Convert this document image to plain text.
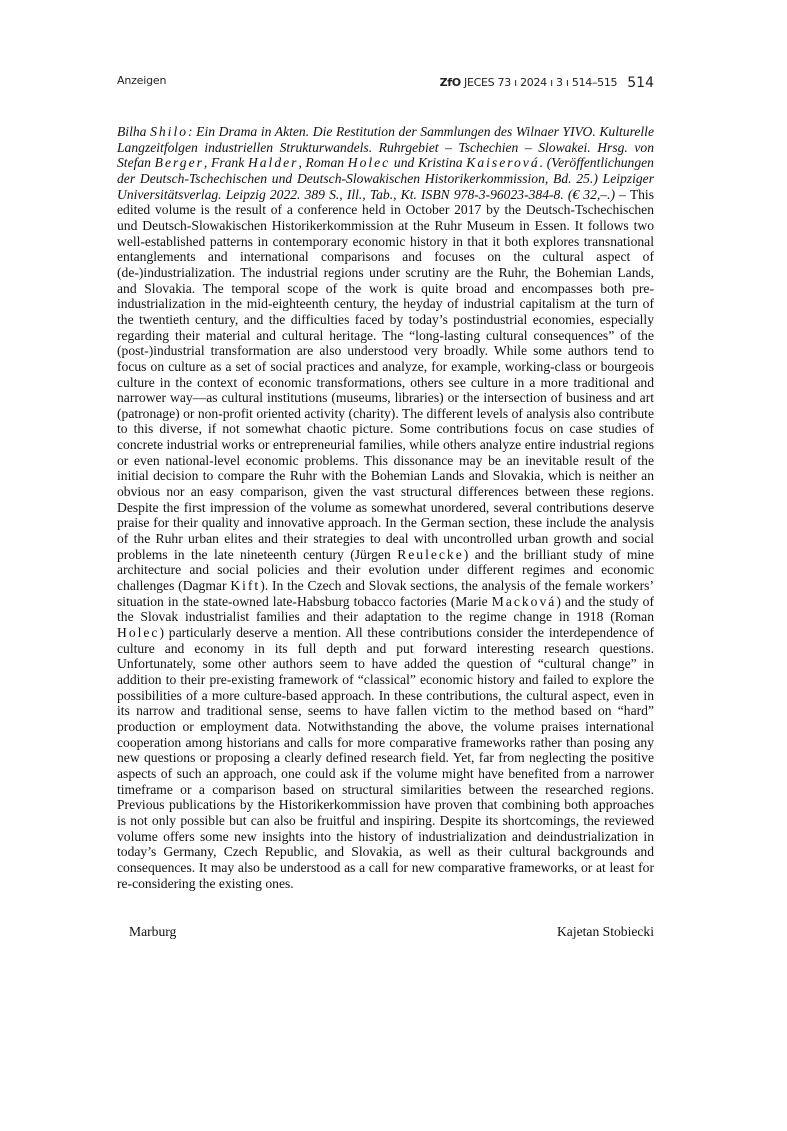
Anzeigen	ZfO JECES 73 ı 2024 ı 3 ı 514–515 514

Bilha Shilo: Ein Drama in Akten. Die Restitution der Sammlungen des Wilnaer YIVO. Kulturelle Langzeitfolgen industriellen Strukturwandels. Ruhrgebiet – Tschechien – Slowakei. Hrsg. von Stefan Berger, Frank Halder, Roman Holec und Kristina Kaiserová. (Veröffentlichungen der Deutsch-Tschechischen und Deutsch-Slowakischen Historikerkommission, Bd. 25.) Leipziger Universitätsverlag. Leipzig 2022. 389 S., Ill., Tab., Kt. ISBN 978-3-96023-384-8. (€ 32,–.) – This edited volume is the result of a conference held in October 2017 by the Deutsch-Tschechischen und Deutsch-Slowakischen Historikerkommission at the Ruhr Museum in Essen. It follows two well-established patterns in contemporary economic history in that it both explores transnational entanglements and international comparisons and focuses on the cultural aspect of (de-)industrialization. The industrial regions under scrutiny are the Ruhr, the Bohemian Lands, and Slovakia. The temporal scope of the work is quite broad and encompasses both pre-industrialization in the mid-eighteenth century, the heyday of industrial capitalism at the turn of the twentieth century, and the difficulties faced by today’s postindustrial economies, especially regarding their material and cultural heritage. The “long-lasting cultural consequences” of the (post-)industrial transformation are also understood very broadly. While some authors tend to focus on culture as a set of social practices and analyze, for example, working-class or bourgeois culture in the context of economic transformations, others see culture in a more traditional and narrower way—as cultural institutions (museums, libraries) or the intersection of business and art (patronage) or non-profit oriented activity (charity). The different levels of analysis also contribute to this diverse, if not somewhat chaotic picture. Some contributions focus on case studies of concrete industrial works or entrepreneurial families, while others analyze entire industrial regions or even national-level economic problems. This dissonance may be an inevitable result of the initial decision to compare the Ruhr with the Bohemian Lands and Slovakia, which is neither an obvious nor an easy comparison, given the vast structural differences between these regions. Despite the first impression of the volume as somewhat unordered, several contributions deserve praise for their quality and innovative approach. In the German section, these include the analysis of the Ruhr urban elites and their strategies to deal with uncontrolled urban growth and social problems in the late nineteenth century (Jürgen Reulecke) and the brilliant study of mine architecture and social policies and their evolution under different regimes and economic challenges (Dagmar Kift). In the Czech and Slovak sections, the analysis of the female workers’ situation in the state-owned late-Habsburg tobacco factories (Marie Macková) and the study of the Slovak industrialist families and their adaptation to the regime change in 1918 (Roman Holec) particularly deserve a mention. All these contributions consider the interdependence of culture and economy in its full depth and put forward interesting research questions. Unfortunately, some other authors seem to have added the question of “cultural change” in addition to their pre-existing framework of “classical” economic history and failed to explore the possibilities of a more culture-based approach. In these contributions, the cultural aspect, even in its narrow and traditional sense, seems to have fallen victim to the method based on “hard” production or employment data. Notwithstanding the above, the volume praises international cooperation among historians and calls for more comparative frameworks rather than posing any new questions or proposing a clearly defined research field. Yet, far from neglecting the positive aspects of such an approach, one could ask if the volume might have benefited from a narrower timeframe or a comparison based on structural similarities between the researched regions. Previous publications by the Historikerkommission have proven that combining both approaches is not only possible but can also be fruitful and inspiring. Despite its shortcomings, the reviewed volume offers some new insights into the history of industrialization and deindustrialization in today’s Germany, Czech Republic, and Slovakia, as well as their cultural backgrounds and consequences. It may also be understood as a call for new comparative frameworks, or at least for re-considering the existing ones.

Marburg	Kajetan Stobiecki
